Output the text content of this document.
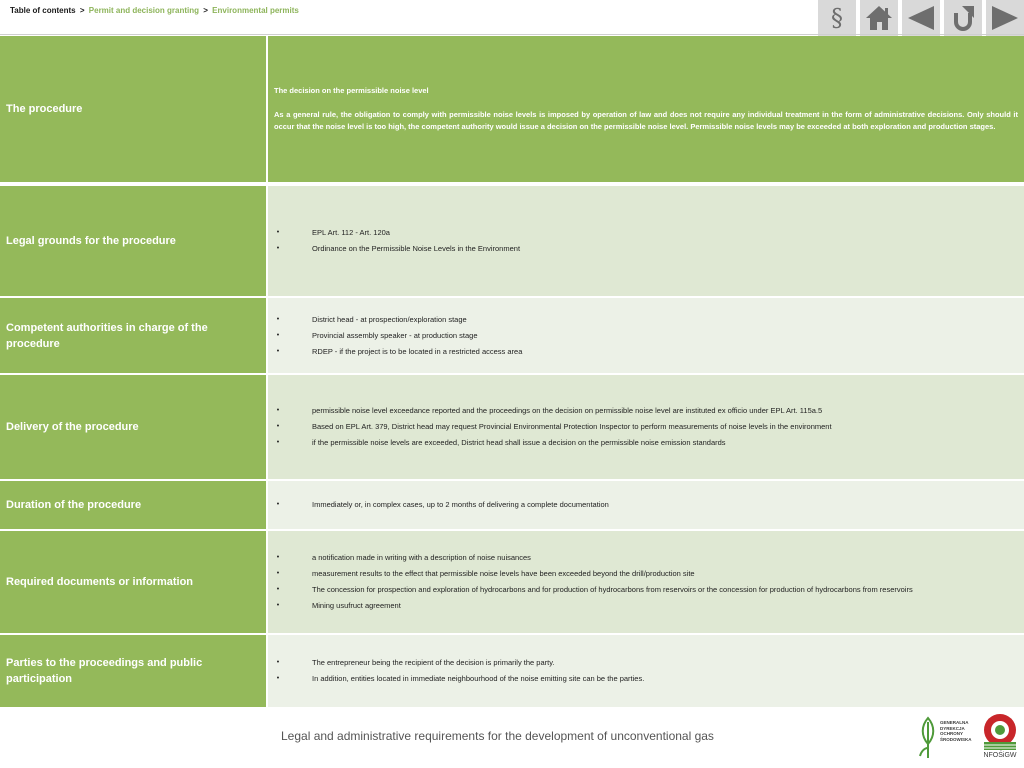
Table of contents > Permit and decision granting > Environmental permits	§
The procedure
The decision on the permissible noise level
As a general rule, the obligation to comply with permissible noise levels is imposed by operation of law and does not require any individual treatment in the form of administrative decisions. Only should it occur that the noise level is too high, the competent authority would issue a decision on the permissible noise level. Permissible noise levels may be exceeded at both exploration and production stages.
Legal grounds for the procedure
•	EPL Art. 112 - Art. 120a
•	Ordinance on the Permissible Noise Levels in the Environment
Competent authorities in charge of the procedure
•	District head - at prospection/exploration stage
•	Provincial assembly speaker - at production stage
•	RDEP - if the project is to be located in a restricted access area
Delivery of the procedure
•	permissible noise level exceedance reported and the proceedings on the decision on permissible noise level are instituted ex officio under EPL Art. 115a.5
•	Based on EPL Art. 379, District head may request Provincial Environmental Protection Inspector to perform measurements of noise levels in the environment
•	if the permissible noise levels are exceeded, District head shall issue a decision on the permissible noise emission standards
Duration of the procedure	•	Immediately or, in complex cases, up to 2 months of delivering a complete documentation
Required documents or information
•	a notification made in writing with a description of noise nuisances
•	measurement results to the effect that permissible noise levels have been exceeded beyond the drill/production site
•	The concession for prospection and exploration of hydrocarbons and for production of hydrocarbons from reservoirs or the concession for production of hydrocarbons from reservoirs
•	Mining usufruct agreement
Parties to the proceedings and public participation
•	The entrepreneur being the recipient of the decision is primarily the party.
•	In addition, entities located in immediate neighbourhood of the noise emitting site can be the parties.
Legal and administrative requirements for the development of unconventional gas
GENERALNA
DYREKCJA
OCHRONY
ŚRODOWISKA
NFOŚiGW
